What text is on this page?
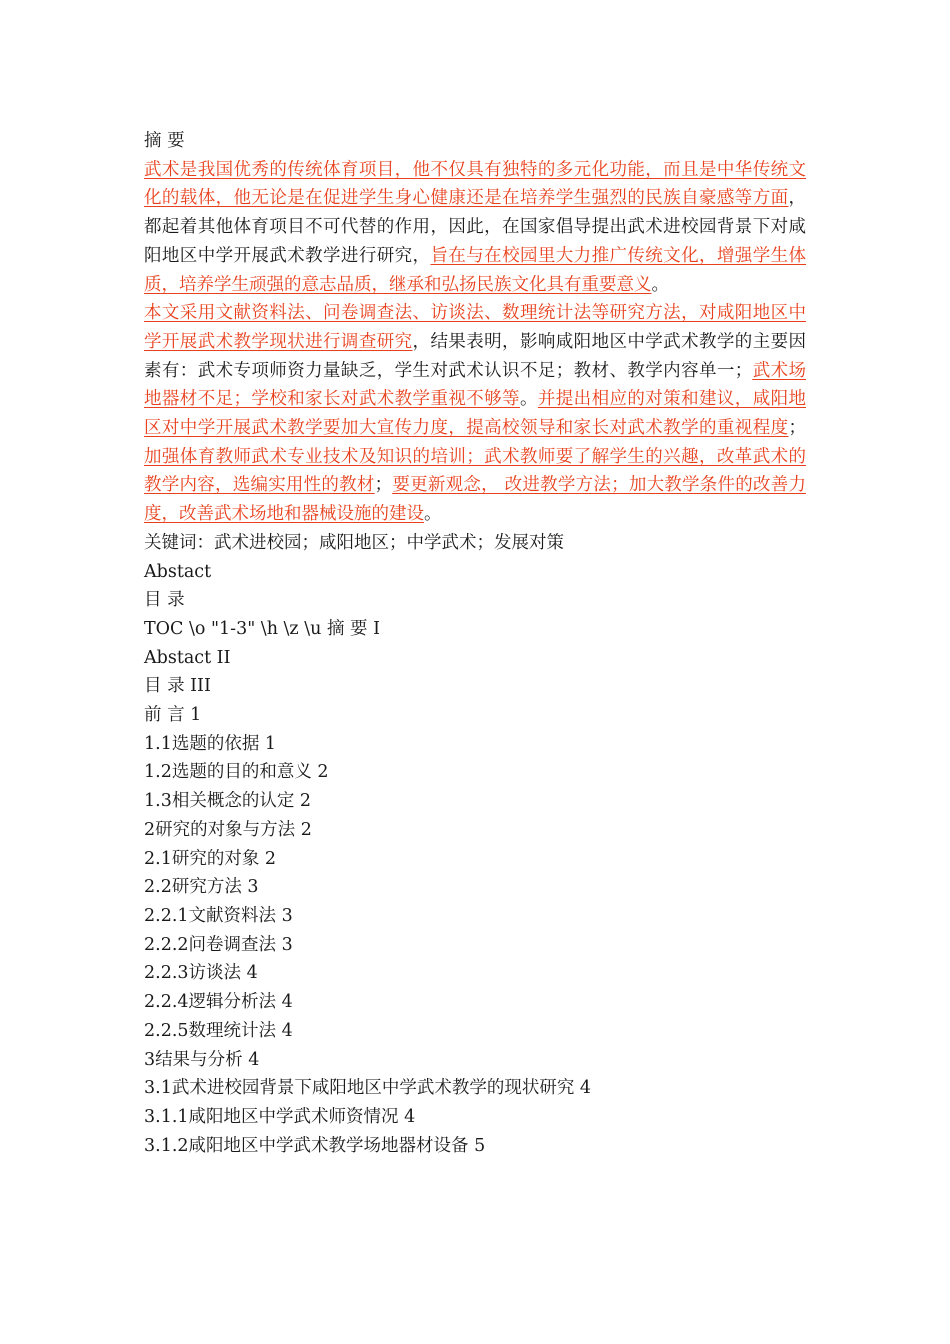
摘 要
武术是我国优秀的传统体育项目，他不仅具有独特的多元化功能，而且是中华传统文化的载体，他无论是在促进学生身心健康还是在培养学生强烈的民族自豪感等方面，都起着其他体育项目不可代替的作用，因此，在国家倡导提出武术进校园背景下对咸阳地区中学开展武术教学进行研究，旨在与在校园里大力推广传统文化，增强学生体质，培养学生顽强的意志品质，继承和弘扬民族文化具有重要意义。
本文采用文献资料法、问卷调查法、访谈法、数理统计法等研究方法，对咸阳地区中学开展武术教学现状进行调查研究，结果表明，影响咸阳地区中学武术教学的主要因素有：武术专项师资力量缺乏，学生对武术认识不足；教材、教学内容单一；武术场地器材不足；学校和家长对武术教学重视不够等。并提出相应的对策和建议，咸阳地区对中学开展武术教学要加大宣传力度，提高校领导和家长对武术教学的重视程度；加强体育教师武术专业技术及知识的培训；武术教师要了解学生的兴趣，改革武术的教学内容，选编实用性的教材；要更新观念， 改进教学方法；加大教学条件的改善力度，改善武术场地和器械设施的建设。
关键词：武术进校园；咸阳地区；中学武术；发展对策
Abstact
目 录
TOC \o "1-3" \h \z \u 摘 要 I
Abstact II
目 录 III
前 言 1
1.1选题的依据 1
1.2选题的目的和意义 2
1.3相关概念的认定 2
2研究的对象与方法 2
2.1研究的对象 2
2.2研究方法 3
2.2.1文献资料法 3
2.2.2问卷调查法 3
2.2.3访谈法 4
2.2.4逻辑分析法 4
2.2.5数理统计法 4
3结果与分析 4
3.1武术进校园背景下咸阳地区中学武术教学的现状研究 4
3.1.1咸阳地区中学武术师资情况 4
3.1.2咸阳地区中学武术教学场地器材设备 5
